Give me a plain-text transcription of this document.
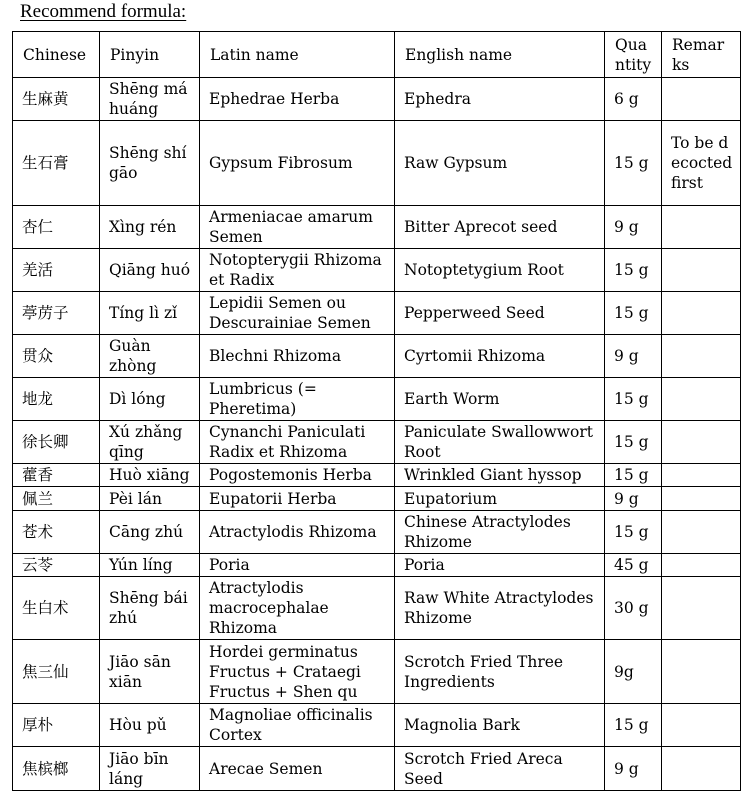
Recommend formula:
Chinese	Pinyin	Latin name	English name	Quantity	Remarks
生麻黄	Shēng má huáng	Ephedrae Herba	Ephedra	6 g	
生石膏	Shēng shí gāo	Gypsum Fibrosum	Raw Gypsum	15 g	To be decocted first
杏仁	Xìng rén	Armeniacae amarum Semen	Bitter Aprecot seed	9 g	
羌活	Qiāng huó	Notopterygii Rhizoma et Radix	Notoptetygium Root	15 g	
葶苈子	Tíng lì zǐ	Lepidii Semen ou Descurainiae Semen	Pepperweed Seed	15 g	
贯众	Guàn zhòng	Blechni Rhizoma	Cyrtomii Rhizoma	9 g	
地龙	Dì lóng	Lumbricus (= Pheretima)	Earth Worm	15 g	
徐长卿	Xú zhǎng qīng	Cynanchi Paniculati Radix et Rhizoma	Paniculate Swallowwort Root	15 g	
藿香	Huò xiāng	Pogostemonis Herba	Wrinkled Giant hyssop	15 g	
佩兰	Pèi lán	Eupatorii Herba	Eupatorium	9 g	
苍术	Cāng zhú	Atractylodis Rhizoma	Chinese Atractylodes Rhizome	15 g	
云苓	Yún líng	Poria	Poria	45 g	
生白术	Shēng bái zhú	Atractylodis macrocephalae Rhizoma	Raw White Atractylodes Rhizome	30 g	
焦三仙	Jiāo sān xiān	Hordei germinatus Fructus + Crataegi Fructus + Shen qu	Scrotch Fried Three Ingredients	9g	
厚朴	Hòu pǔ	Magnoliae officinalis Cortex	Magnolia Bark	15 g	
焦槟榔	Jiāo bīn láng	Arecae Semen	Scrotch Fried Areca Seed	9 g	
